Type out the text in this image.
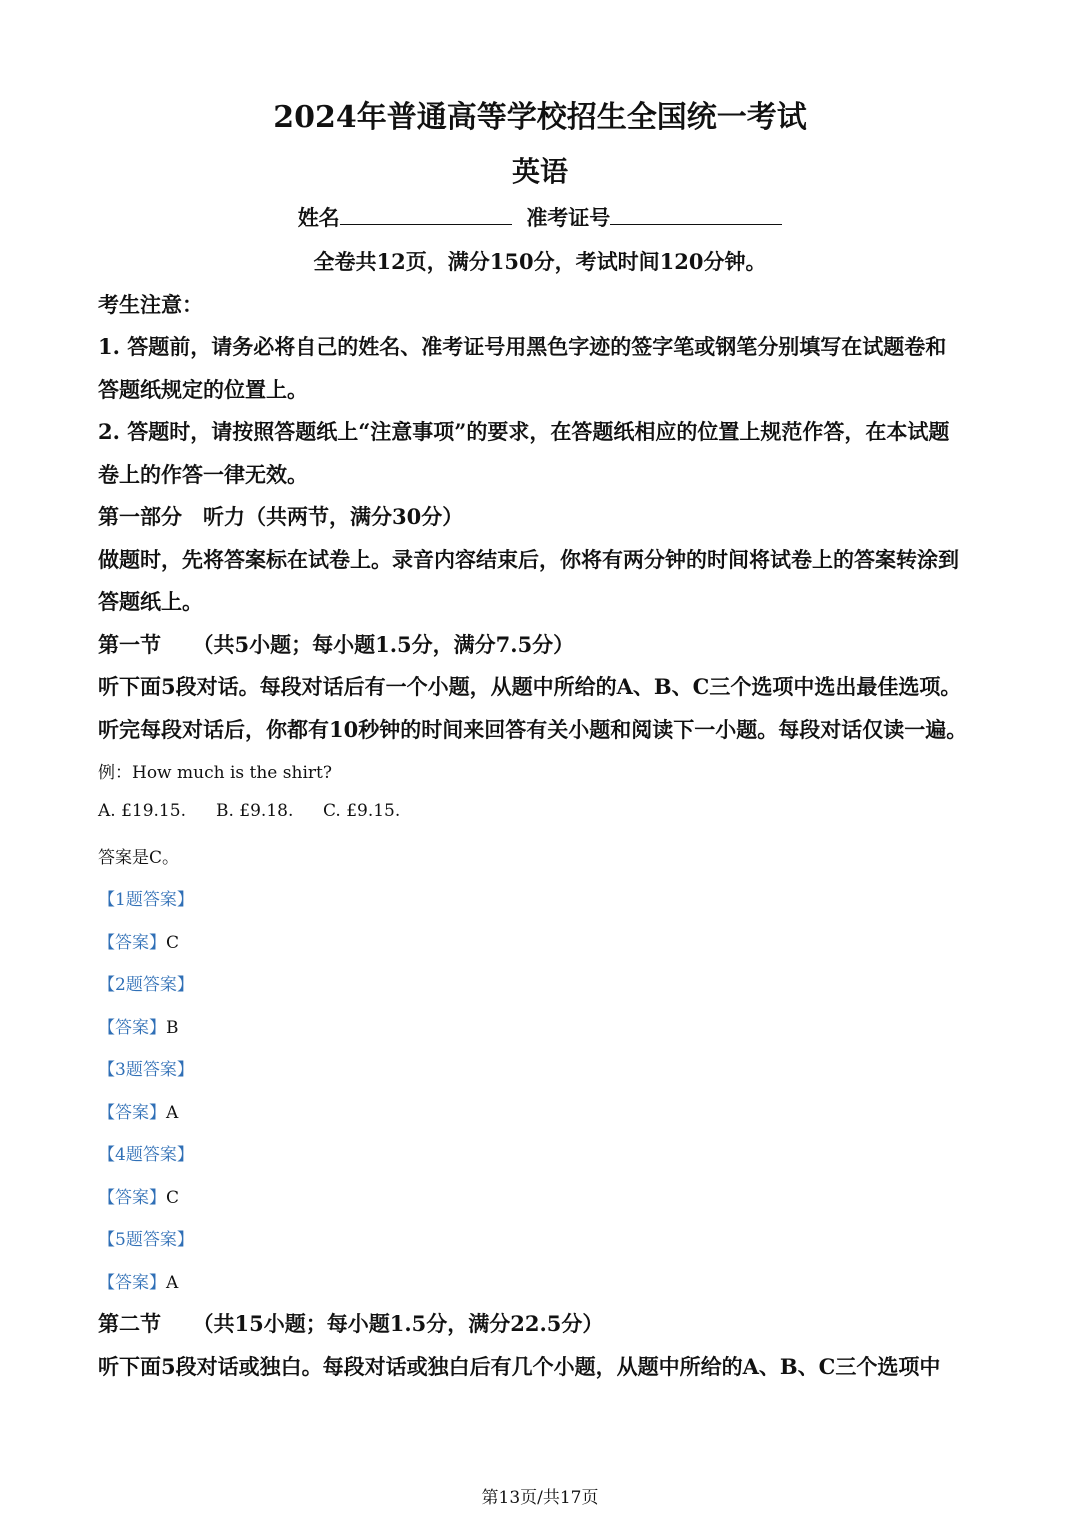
2024年普通高等学校招生全国统一考试
英语
姓名	准考证号
全卷共12页，满分150分，考试时间120分钟。
考生注意：
1. 答题前，请务必将自己的姓名、准考证号用黑色字迹的签字笔或钢笔分别填写在试题卷和
答题纸规定的位置上。
2. 答题时，请按照答题纸上“注意事项”的要求，在答题纸相应的位置上规范作答，在本试题
卷上的作答一律无效。
第一部分　听力（共两节，满分30分）
做题时，先将答案标在试卷上。录音内容结束后，你将有两分钟的时间将试卷上的答案转涂到
答题纸上。
第一节　　（共5小题；每小题1.5分，满分7.5分）
听下面5段对话。每段对话后有一个小题，从题中所给的A、B、C三个选项中选出最佳选项。
听完每段对话后，你都有10秒钟的时间来回答有关小题和阅读下一小题。每段对话仅读一遍。
例：How much is the shirt?
A. £19.15. B. £9.18. C. £9.15.
答案是C。
【1题答案】
【答案】C
【2题答案】
【答案】B
【3题答案】
【答案】A
【4题答案】
【答案】C
【5题答案】
【答案】A
第二节　　（共15小题；每小题1.5分，满分22.5分）
听下面5段对话或独白。每段对话或独白后有几个小题，从题中所给的A、B、C三个选项中
第13页/共17页
